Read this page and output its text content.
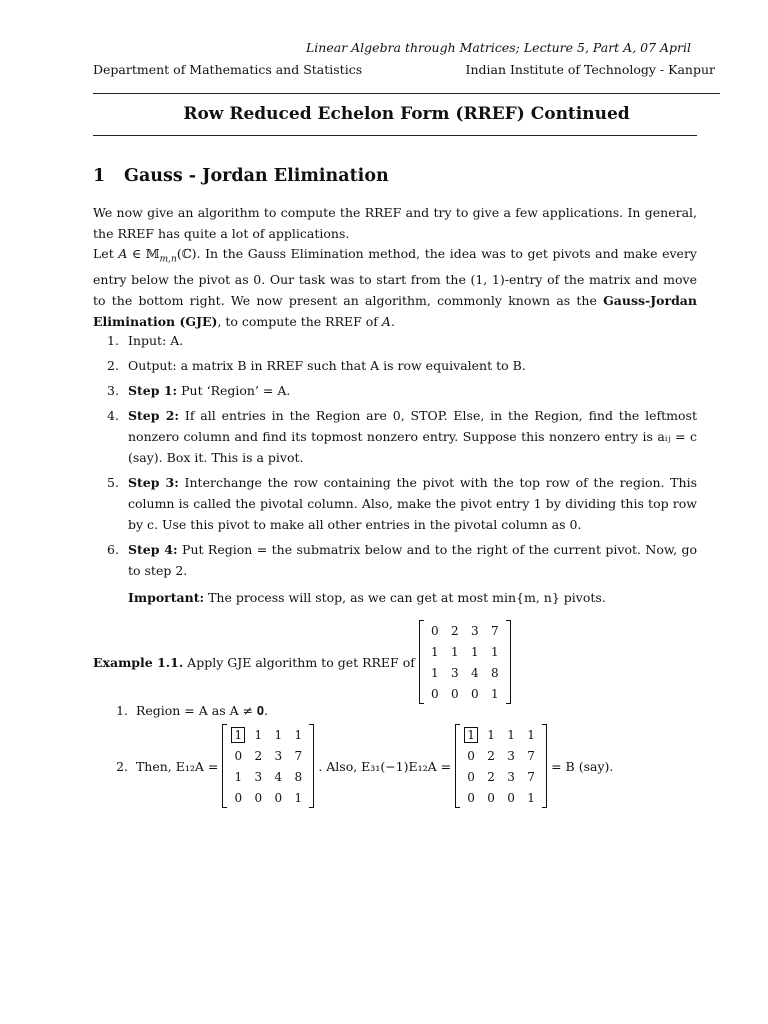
Linear Algebra through Matrices; Lecture 5, Part A, 07 April
Department of Mathematics and Statistics	Indian Institute of Technology - Kanpur
Row Reduced Echelon Form (RREF) Continued
1 Gauss - Jordan Elimination
We now give an algorithm to compute the RREF and try to give a few applications. In general, the RREF has quite a lot of applications.
Let A ∈ 𝕄$_{m,n}$(ℂ). In the Gauss Elimination method, the idea was to get pivots and make every entry below the pivot as 0. Our task was to start from the (1, 1)-entry of the matrix and move to the bottom right. We now present an algorithm, commonly known as the Gauss-Jordan Elimination (GJE), to compute the RREF of A.
1. Input: A.
2. Output: a matrix B in RREF such that A is row equivalent to B.
3. Step 1: Put ‘Region’ = A.
4. Step 2: If all entries in the Region are 0, STOP. Else, in the Region, find the leftmost nonzero column and find its topmost nonzero entry. Suppose this nonzero entry is aᵢⱼ = c (say). Box it. This is a pivot.
5. Step 3: Interchange the row containing the pivot with the top row of the region. This column is called the pivotal column. Also, make the pivot entry 1 by dividing this top row by c. Use this pivot to make all other entries in the pivotal column as 0.
6. Step 4: Put Region = the submatrix below and to the right of the current pivot. Now, go to step 2.
Important: The process will stop, as we can get at most min{m, n} pivots.
Example 1.1. Apply GJE algorithm to get RREF of
0	2	3	7
1	1	1	1
1	3	4	8
0	0	0	1
1. Region = A as A ≠ 𝟎.
2. Then, E₁₂A =
1	1	1	1
0	2	3	7
1	3	4	8
0	0	0	1
. Also, E₃₁(−1)E₁₂A =
1	1	1	1
0	2	3	7
0	2	3	7
0	0	0	1
= B (say).
